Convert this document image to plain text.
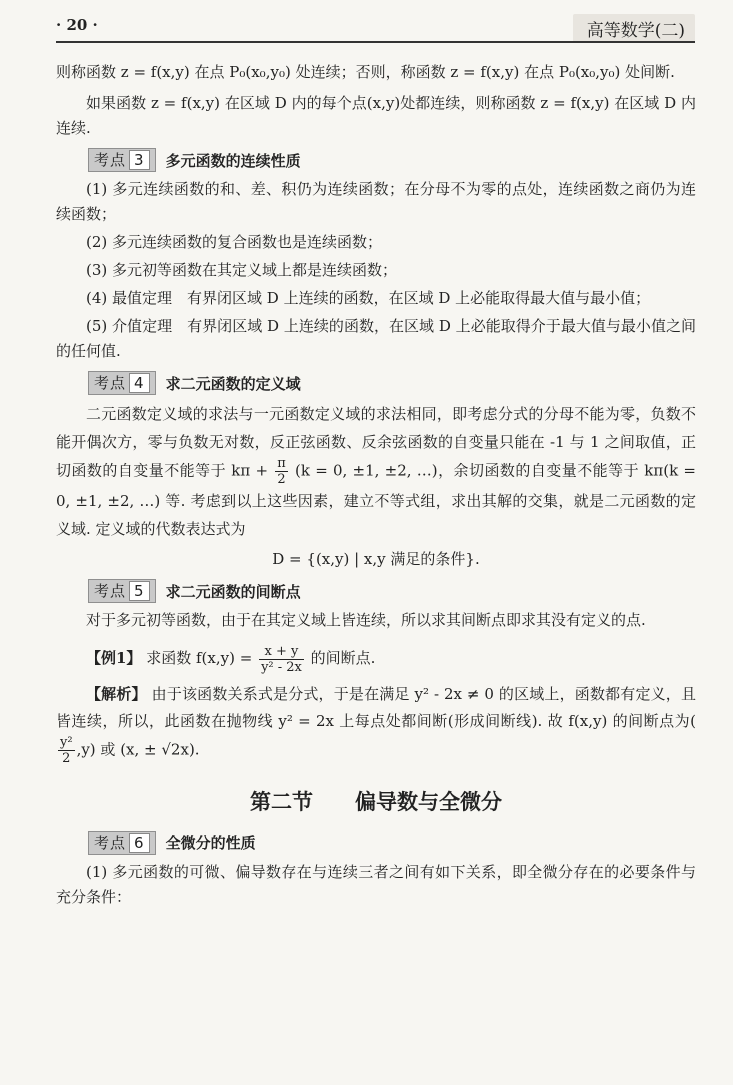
· 20 ·	高等数学(二)

则称函数 z = f(x,y) 在点 P₀(x₀,y₀) 处连续；否则，称函数 z = f(x,y) 在点 P₀(x₀,y₀) 处间断.

如果函数 z = f(x,y) 在区域 D 内的每个点(x,y)处都连续，则称函数 z = f(x,y) 在区域 D 内连续.

考点 3	多元函数的连续性质

(1) 多元连续函数的和、差、积仍为连续函数；在分母不为零的点处，连续函数之商仍为连续函数；

(2) 多元连续函数的复合函数也是连续函数；

(3) 多元初等函数在其定义域上都是连续函数；

(4) 最值定理　有界闭区域 D 上连续的函数，在区域 D 上必能取得最大值与最小值；

(5) 介值定理　有界闭区域 D 上连续的函数，在区域 D 上必能取得介于最大值与最小值之间的任何值.

考点 4	求二元函数的定义域

二元函数定义域的求法与一元函数定义域的求法相同，即考虑分式的分母不能为零，负数不能开偶次方，零与负数无对数，反正弦函数、反余弦函数的自变量只能在 -1 与 1 之间取值，正切函数的自变量不能等于 $k\pi + \frac{\pi}{2} (k = 0$, ±1, ±2, …)，余切函数的自变量不能等于 kπ(k = 0, ±1, ±2, …) 等. 考虑到以上这些因素，建立不等式组，求出其解的交集，就是二元函数的定义域. 定义域的代数表达式为

D = {(x,y) | x,y 满足的条件}.

考点 5	求二元函数的间断点

对于多元初等函数，由于在其定义域上皆连续，所以求其间断点即求其没有定义的点.

【例1】 求函数 $f(x,y) = \frac{x + y}{\text{y² - 2x}}$ 的间断点.

【解析】 由于该函数关系式是分式，于是在满足 y² - 2x ≠ 0 的区域上，函数都有定义，且皆连续，所以，此函数在抛物线 y² = 2x 上每点处都间断(形成间断线). 故 f(x,y) 的间断点为(
$\frac{\text{y²}}{2} ,y$) 或 (x, ± √2x).

第二节 偏导数与全微分
考点 6	全微分的性质

(1) 多元函数的可微、偏导数存在与连续三者之间有如下关系，即全微分存在的必要条件与充分条件：
